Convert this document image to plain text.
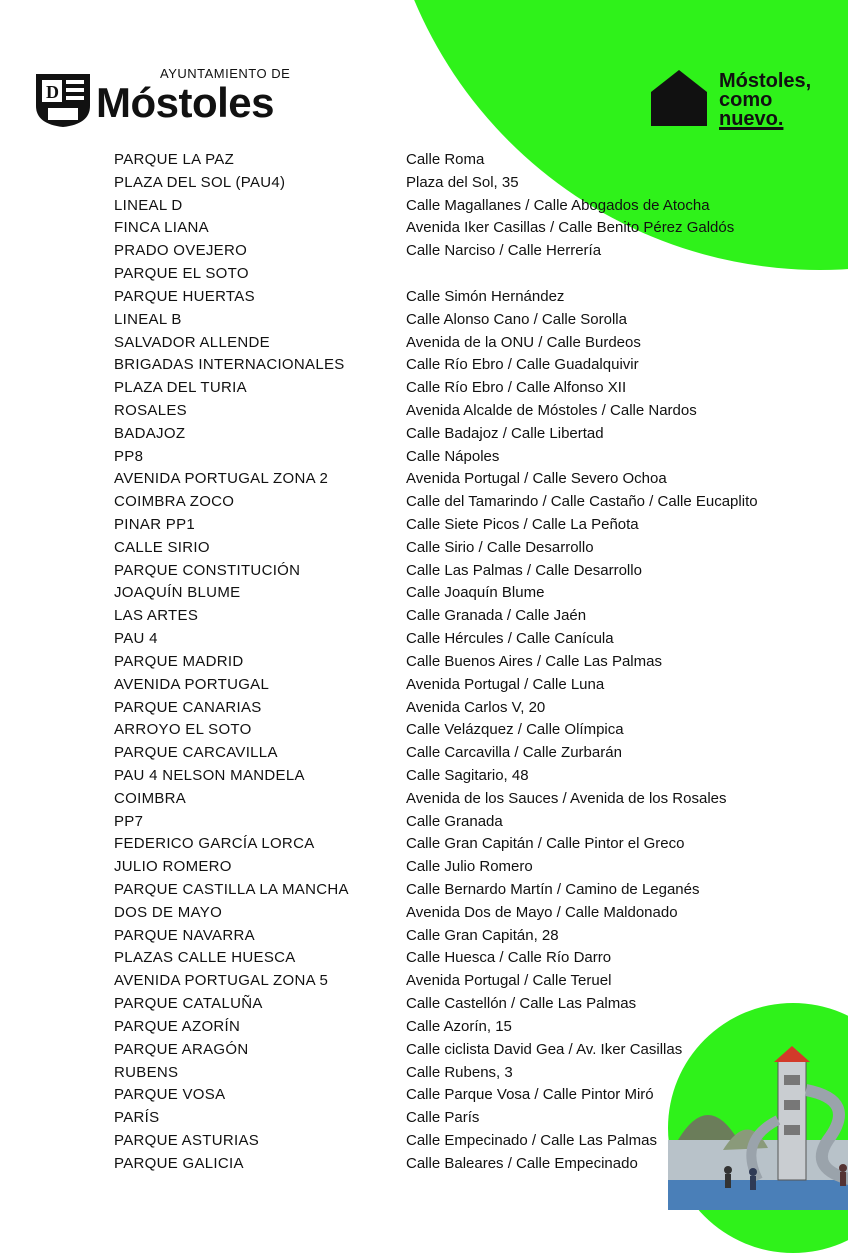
D
AYUNTAMIENTO DE
Móstoles	Móstoles,
como
nuevo.
PARQUE LA PAZ	Calle Roma
PLAZA DEL SOL (PAU4)	Plaza del Sol, 35
LINEAL D	Calle Magallanes / Calle Abogados de Atocha
FINCA LIANA	Avenida Iker Casillas / Calle Benito Pérez Galdós
PRADO OVEJERO	Calle Narciso / Calle Herrería
PARQUE EL SOTO
PARQUE HUERTAS	Calle Simón Hernández
LINEAL B	Calle Alonso Cano / Calle Sorolla
SALVADOR ALLENDE	Avenida de la ONU / Calle Burdeos
BRIGADAS INTERNACIONALES	Calle Río Ebro / Calle Guadalquivir
PLAZA DEL TURIA	Calle Río Ebro / Calle Alfonso XII
ROSALES	Avenida Alcalde de Móstoles / Calle Nardos
BADAJOZ	Calle Badajoz / Calle Libertad
PP8	Calle Nápoles
AVENIDA PORTUGAL ZONA 2	Avenida Portugal / Calle Severo Ochoa
COIMBRA ZOCO	Calle del Tamarindo / Calle Castaño / Calle Eucaplito
PINAR PP1	Calle Siete Picos / Calle La Peñota
CALLE SIRIO	Calle Sirio / Calle Desarrollo
PARQUE CONSTITUCIÓN	Calle Las Palmas / Calle Desarrollo
JOAQUÍN BLUME	Calle Joaquín Blume
LAS ARTES	Calle Granada / Calle Jaén
PAU 4	Calle Hércules / Calle Canícula
PARQUE MADRID	Calle Buenos Aires / Calle Las Palmas
AVENIDA PORTUGAL	Avenida Portugal / Calle Luna
PARQUE CANARIAS	Avenida Carlos V, 20
ARROYO EL SOTO	Calle Velázquez / Calle Olímpica
PARQUE CARCAVILLA	Calle Carcavilla / Calle Zurbarán
PAU 4 NELSON MANDELA	Calle Sagitario, 48
COIMBRA	Avenida de los Sauces / Avenida de los Rosales
PP7	Calle Granada
FEDERICO GARCÍA LORCA	Calle Gran Capitán / Calle Pintor el Greco
JULIO ROMERO	Calle Julio Romero
PARQUE CASTILLA LA MANCHA	Calle Bernardo Martín / Camino de Leganés
DOS DE MAYO	Avenida Dos de Mayo / Calle Maldonado
PARQUE NAVARRA	Calle Gran Capitán, 28
PLAZAS CALLE HUESCA	Calle Huesca / Calle Río Darro
AVENIDA PORTUGAL ZONA 5	Avenida Portugal / Calle Teruel
PARQUE CATALUÑA	Calle Castellón / Calle Las Palmas
PARQUE AZORÍN	Calle Azorín, 15
PARQUE ARAGÓN	Calle ciclista David Gea / Av. Iker Casillas
RUBENS	Calle Rubens, 3
PARQUE VOSA	Calle Parque Vosa / Calle Pintor Miró
PARÍS	Calle París
PARQUE ASTURIAS	Calle Empecinado / Calle Las Palmas
PARQUE GALICIA	Calle Baleares / Calle Empecinado
